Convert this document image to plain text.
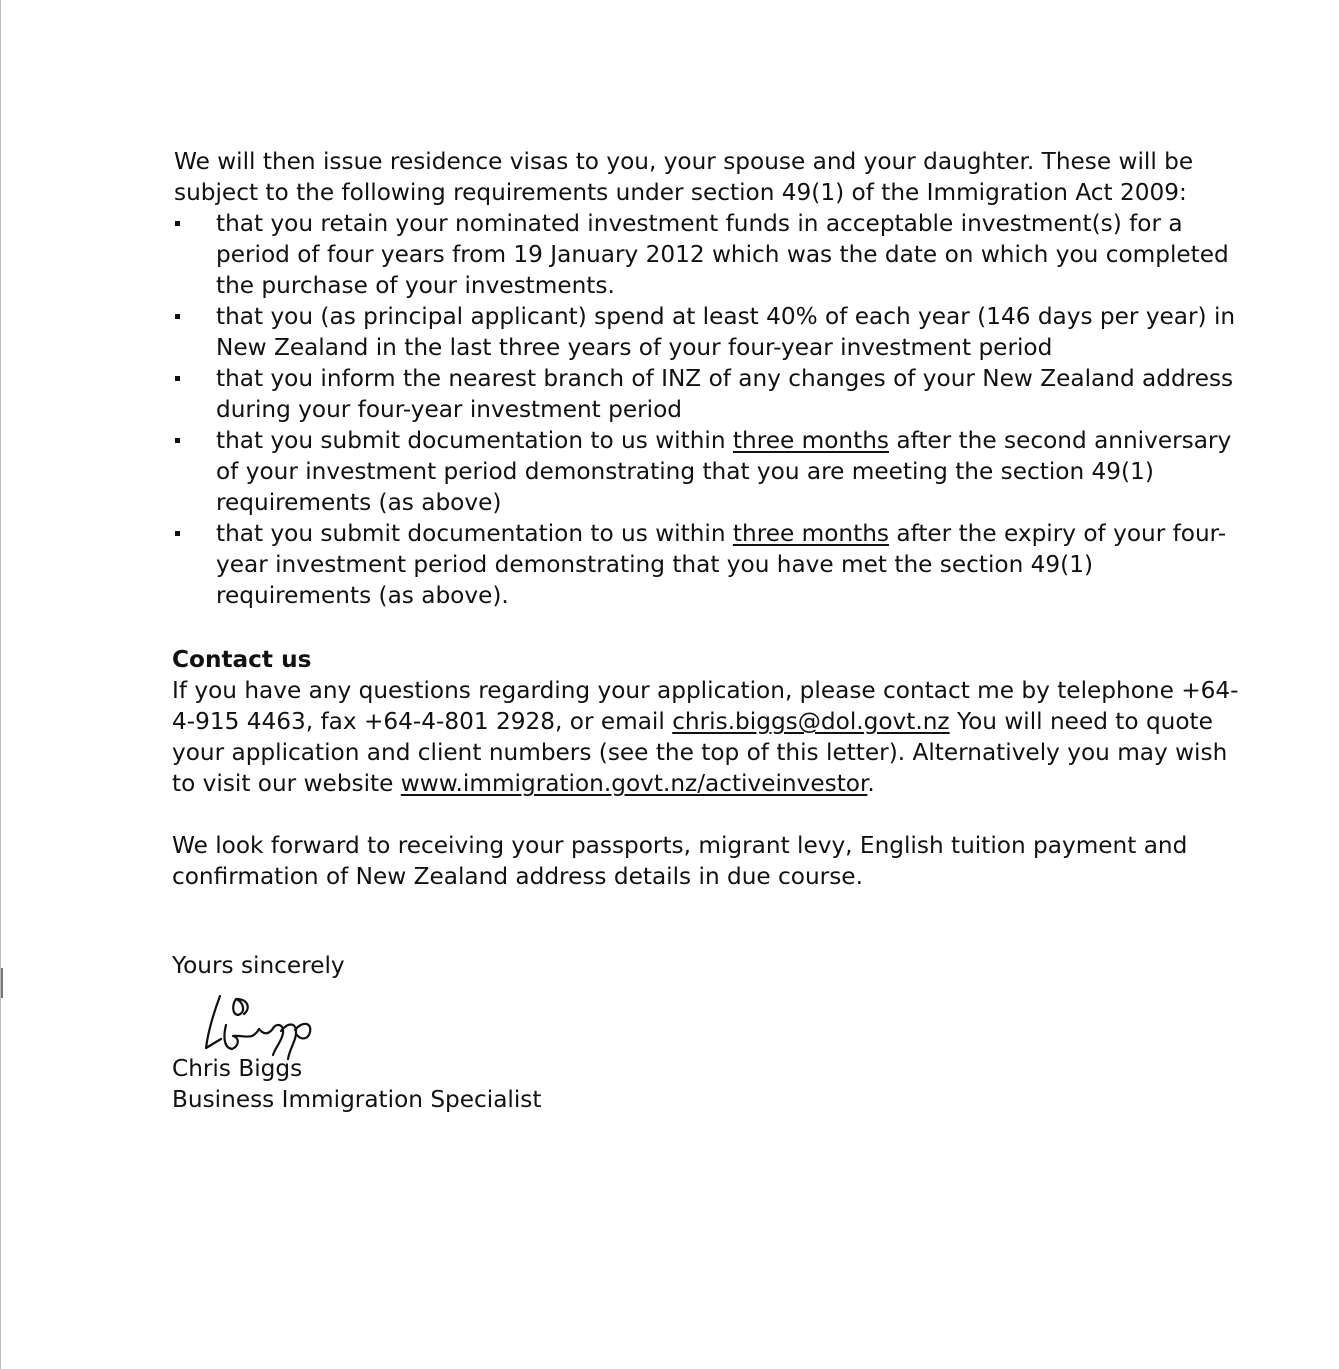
We will then issue residence visas to you, your spouse and your daughter. These will be subject to the following requirements under section 49(1) of the Immigration Act 2009:

that you retain your nominated investment funds in acceptable investment(s) for a period of four years from 19 January 2012 which was the date on which you completed the purchase of your investments.
that you (as principal applicant) spend at least 40% of each year (146 days per year) in New Zealand in the last three years of your four-year investment period
that you inform the nearest branch of INZ of any changes of your New Zealand address during your four-year investment period
that you submit documentation to us within three months after the second anniversary of your investment period demonstrating that you are meeting the section 49(1) requirements (as above)
that you submit documentation to us within three months after the expiry of your four-year investment period demonstrating that you have met the section 49(1) requirements (as above).
Contact us

If you have any questions regarding your application, please contact me by telephone +64-4-915 4463, fax +64-4-801 2928, or email chris.biggs@dol.govt.nz You will need to quote your application and client numbers (see the top of this letter). Alternatively you may wish to visit our website www.immigration.govt.nz/activeinvestor.

We look forward to receiving your passports, migrant levy, English tuition payment and confirmation of New Zealand address details in due course.

Yours sincerely

Chris Biggs
Business Immigration Specialist
